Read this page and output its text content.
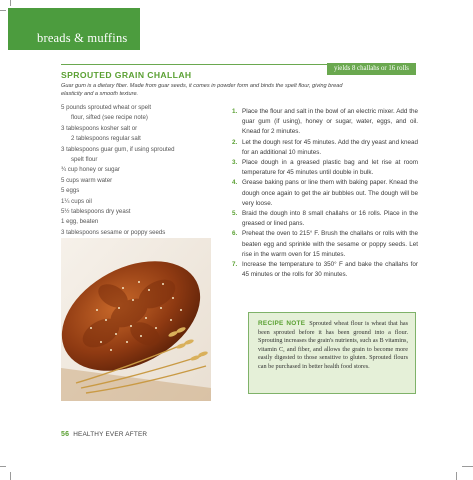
breads & muffins
yields 8 challahs or 16 rolls
SPROUTED GRAIN CHALLAH
Guar gum is a dietary fiber. Made from guar seeds, it comes in powder form and binds the spelt flour, giving bread elasticity and a smooth texture.
5 pounds sprouted wheat or spelt
flour, sifted (see recipe note)
3 tablespoons kosher salt or
2 tablespoons regular salt
3 tablespoons guar gum, if using sprouted
spelt flour
¾ cup honey or sugar
5 cups warm water
5 eggs
1¼ cups oil
5½ tablespoons dry yeast
1 egg, beaten
3 tablespoons sesame or poppy seeds
1. Place the flour and salt in the bowl of an electric mixer. Add the guar gum (if using), honey or sugar, water, eggs, and oil. Knead for 2 minutes.
2. Let the dough rest for 45 minutes. Add the dry yeast and knead for an additional 10 minutes.
3. Place dough in a greased plastic bag and let rise at room temperature for 45 minutes until double in bulk.
4. Grease baking pans or line them with baking paper. Knead the dough once again to get the air bubbles out. The dough will be very loose.
5. Braid the dough into 8 small challahs or 16 rolls. Place in the greased or lined pans.
6. Preheat the oven to 215° F. Brush the challahs or rolls with the beaten egg and sprinkle with the sesame or poppy seeds. Let rise in the warm oven for 15 minutes.
7. Increase the temperature to 350° F and bake the challahs for 45 minutes or the rolls for 30 minutes.
RECIPE NOTE Sprouted wheat flour is wheat that has been sprouted before it has been ground into a flour. Sprouting increases the grain's nutrients, such as B vitamins, vitamin C, and fiber, and allows the grain to become more easily digested to those sensitive to gluten. Sprouted flours can be purchased in better health food stores.
56 HEALTHY EVER AFTER
